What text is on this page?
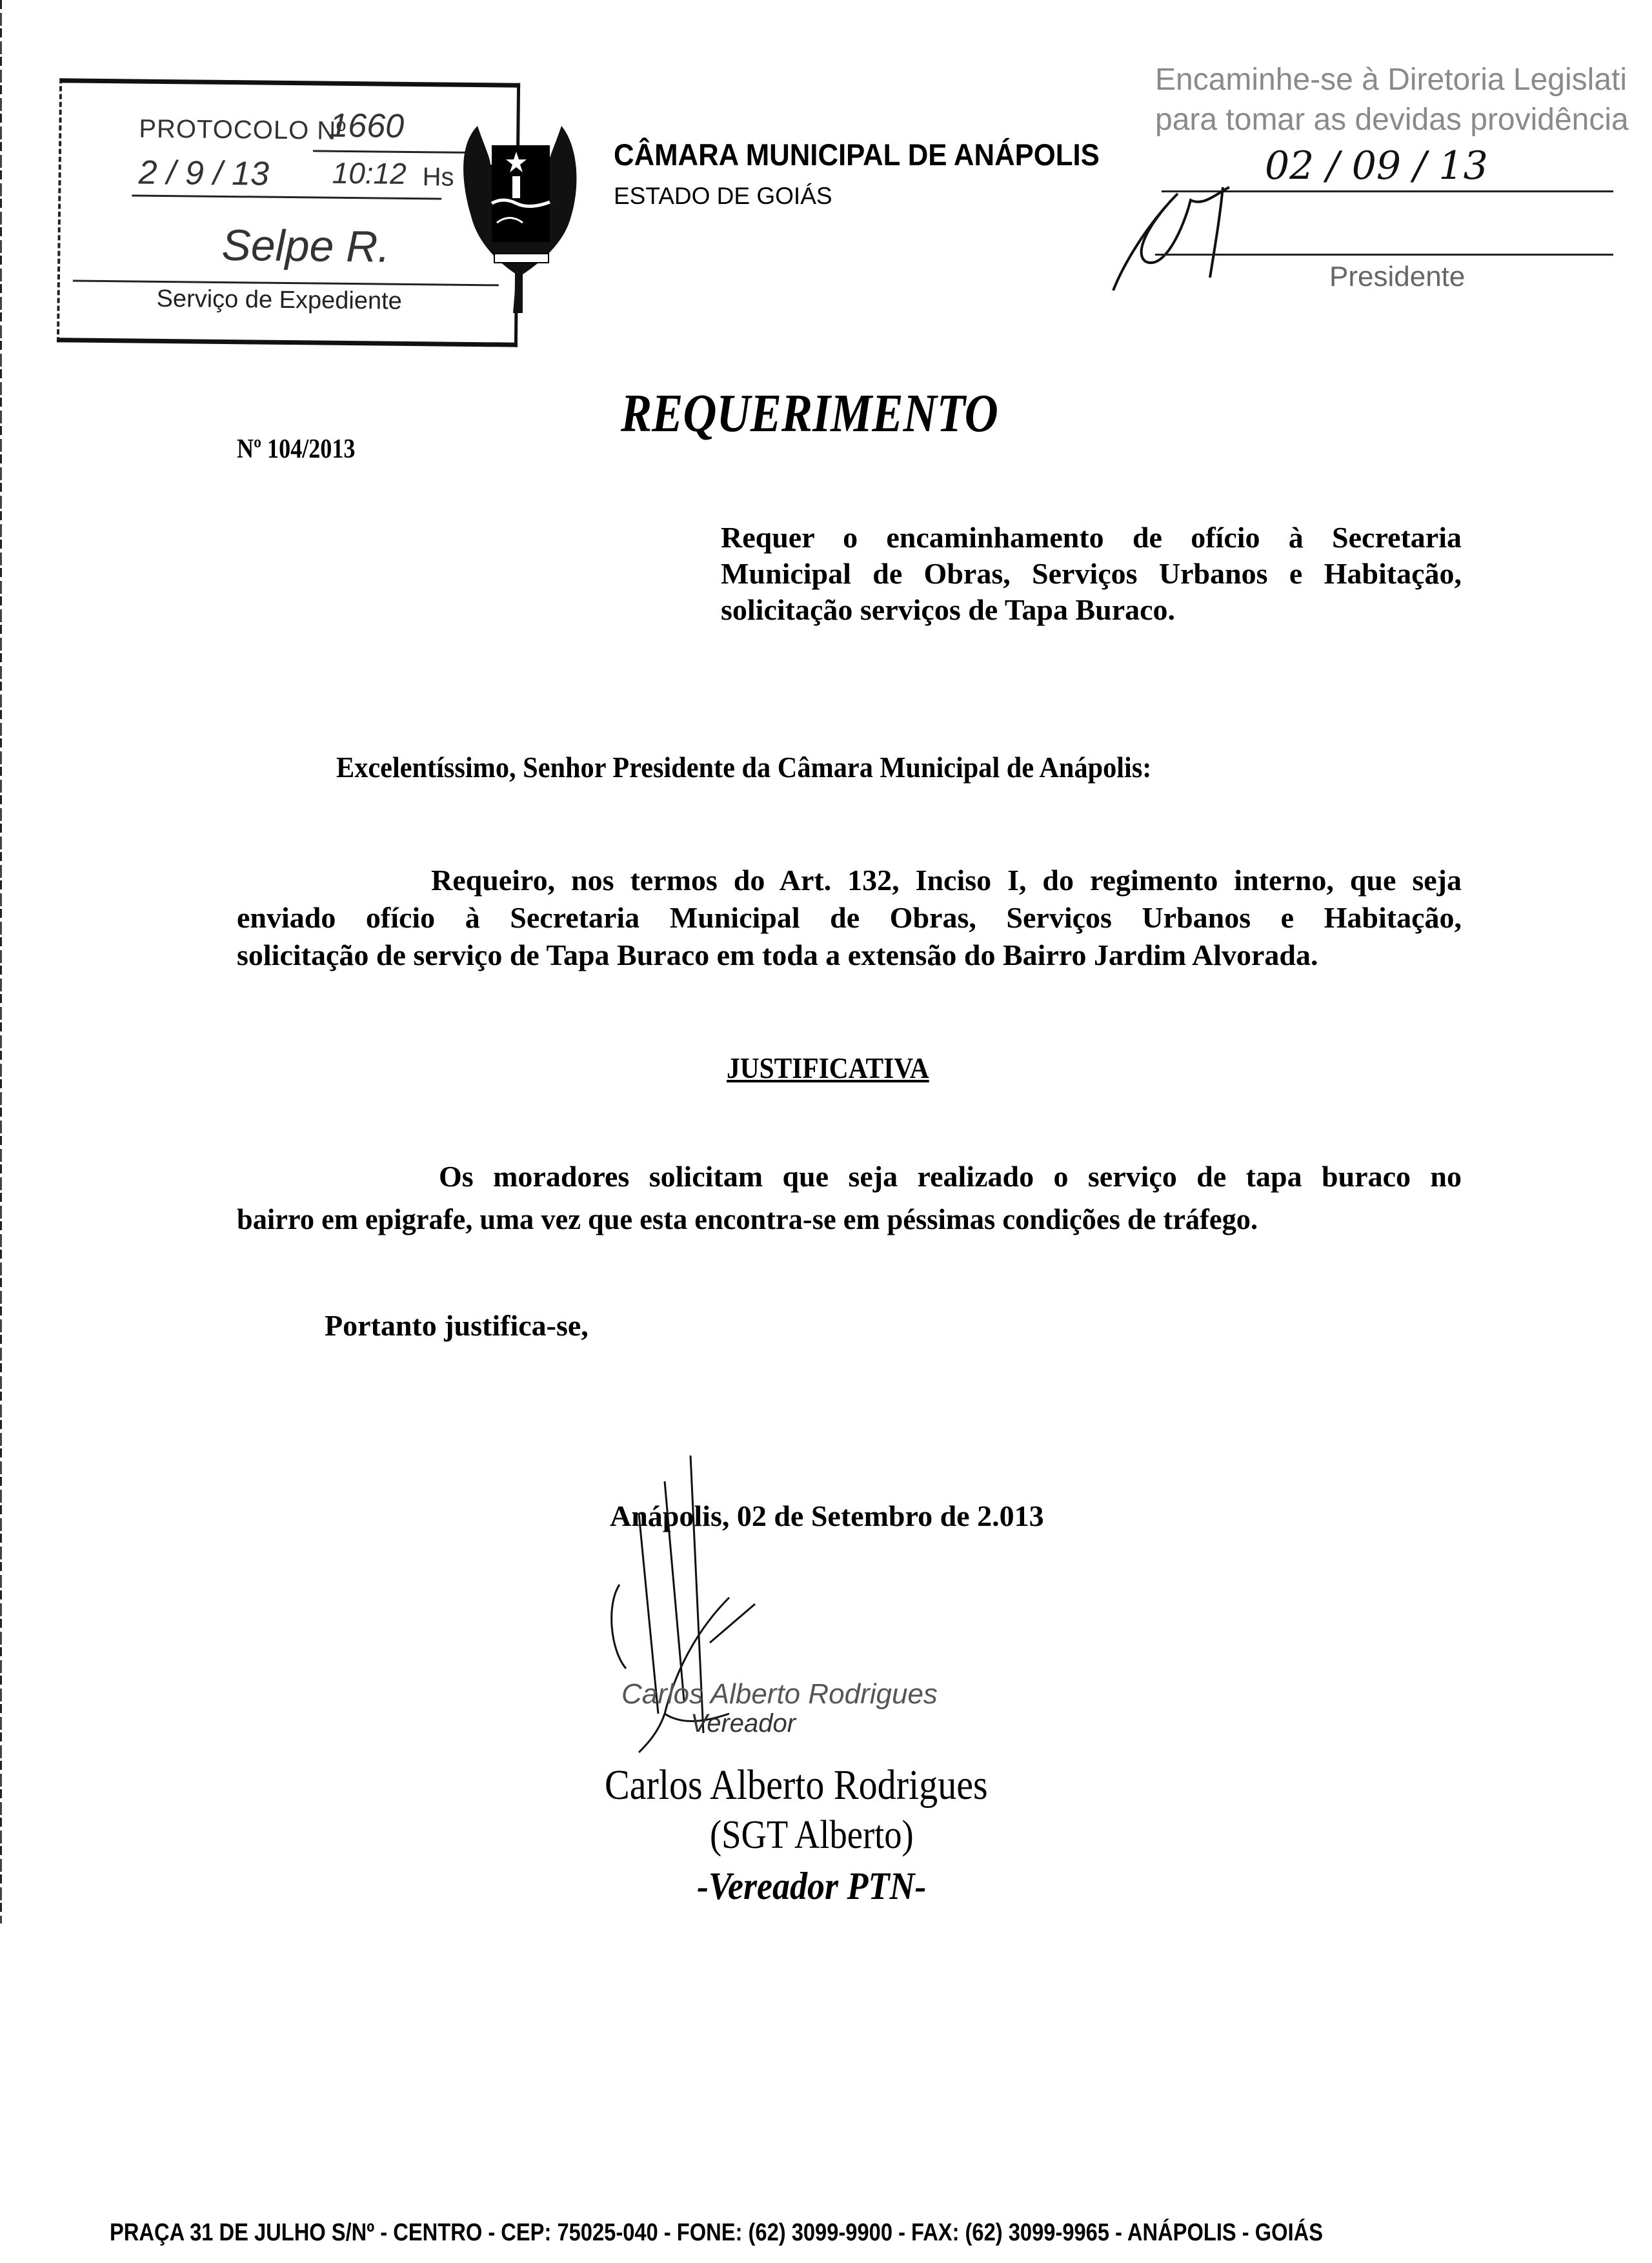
PROTOCOLO Nº
1660
2 / 9 / 13 10:12 Hs
Selpe R.
Serviço de Expediente
CÂMARA MUNICIPAL DE ANÁPOLIS
ESTADO DE GOIÁS
Encaminhe-se à Diretoria Legislati
para tomar as devidas providência
02 / 09 / 13
Presidente
REQUERIMENTO
Nº 104/2013
Requer o encaminhamento de ofício à Secretaria
Municipal de Obras, Serviços Urbanos e Habitação,
solicitação serviços de Tapa Buraco.
Excelentíssimo, Senhor Presidente da Câmara Municipal de Anápolis:
Requeiro, nos termos do Art. 132, Inciso I, do regimento interno, que seja
enviado ofício à Secretaria Municipal de Obras, Serviços Urbanos e Habitação,
solicitação de serviço de Tapa Buraco em toda a extensão do Bairro Jardim Alvorada.
JUSTIFICATIVA
Os moradores solicitam que seja realizado o serviço de tapa buraco no
bairro em epigrafe, uma vez que esta encontra-se em péssimas condições de tráfego.
Portanto justifica-se,
Anápolis, 02 de Setembro de 2.013
Carlos Alberto Rodrigues
Vereador
Carlos Alberto Rodrigues
(SGT Alberto)
-Vereador PTN-
PRAÇA 31 DE JULHO S/Nº - CENTRO - CEP: 75025-040 - FONE: (62) 3099-9900 - FAX: (62) 3099-9965 - ANÁPOLIS - GOIÁS
